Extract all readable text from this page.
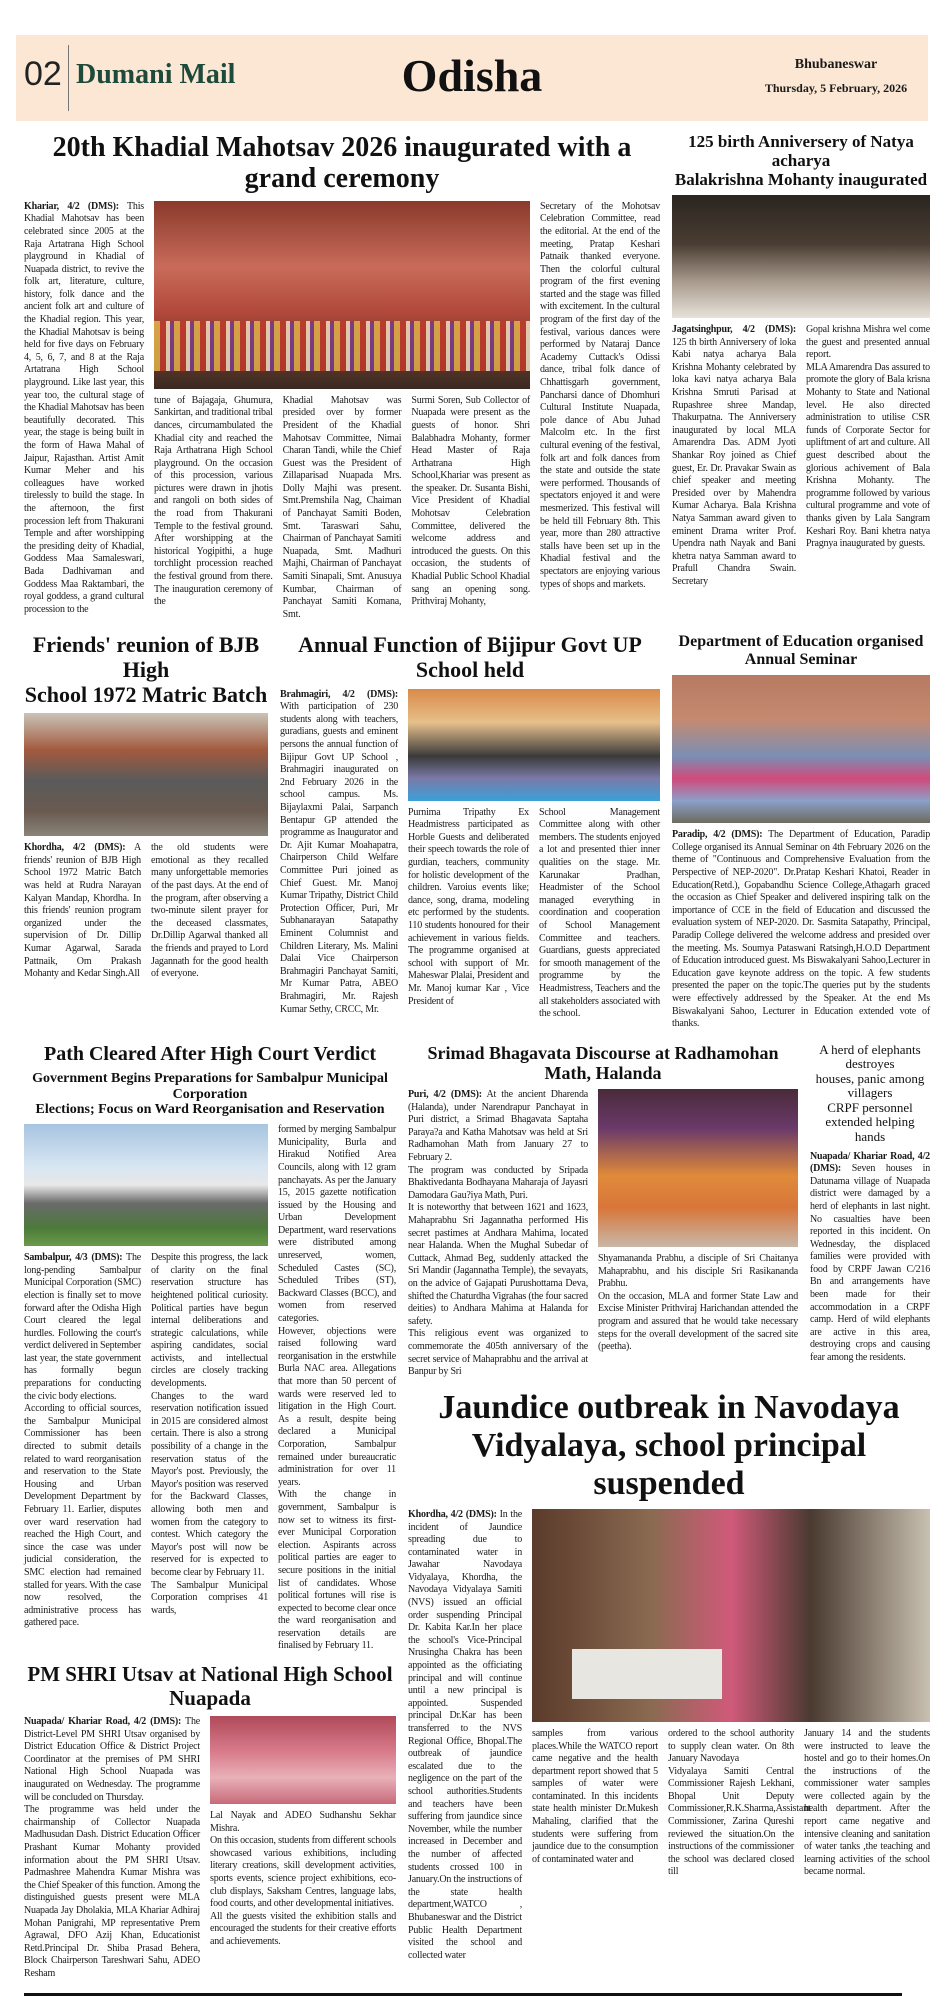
02 Dumani Mail	Odisha	Bhubaneswar
Thursday, 5 February, 2026
20th Khadial Mahotsav 2026 inaugurated with a grand ceremony
Khariar, 4/2 (DMS): This Khadial Mahotsav has been celebrated since 2005 at the Raja Artatrana High School playground in Khadial of Nuapada district, to revive the folk art, literature, culture, history, folk dance and the ancient folk art and culture of the Khadial region. This year, the Khadial Mahotsav is being held for five days on February 4, 5, 6, 7, and 8 at the Raja Artatrana High School playground. Like last year, this year too, the cultural stage of the Khadial Mahotsav has been beautifully decorated. This year, the stage is being built in the form of Hawa Mahal of Jaipur, Rajasthan. Artist Amit Kumar Meher and his colleagues have worked tirelessly to build the stage. In the afternoon, the first procession left from Thakurani Temple and after worshipping the presiding deity of Khadial, Goddess Maa Samaleswari, Bada Dadhivaman and Goddess Maa Raktambari, the royal goddess, a grand cultural procession to the
tune of Bajagaja, Ghumura, Sankirtan, and traditional tribal dances, circumambulated the Khadial city and reached the Raja Arthatrana High School playground. On the occasion of this procession, various pictures were drawn in jhotis and rangoli on both sides of the road from Thakurani Temple to the festival ground. After worshipping at the historical Yogipithi, a huge torchlight procession reached the festival ground from there. The inauguration ceremony of the
Khadial Mahotsav was presided over by former President of the Khadial Mahotsav Committee, Nimai Charan Tandi, while the Chief Guest was the President of Zillaparisad Nuapada Mrs. Dolly Majhi was present. Smt.Premshila Nag, Chaiman of Panchayat Samiti Boden, Smt. Taraswari Sahu, Chairman of Panchayat Samiti Nuapada, Smt. Madhuri Majhi, Chairman of Panchayat Samiti Sinapali, Smt. Anusuya Kumbar, Chairman of Panchayat Samiti Komana, Smt.
Surmi Soren, Sub Collector of Nuapada were present as the guests of honor. Shri Balabhadra Mohanty, former Head Master of Raja Arthatrana High School,Khariar was present as the speaker. Dr. Susanta Bishi, Vice President of Khadial Mohotsav Celebration Committee, delivered the welcome address and introduced the guests. On this occasion, the students of Khadial Public School Khadial sang an opening song. Prithviraj Mohanty,
Secretary of the Mohotsav Celebration Committee, read the editorial. At the end of the meeting, Pratap Keshari Patnaik thanked everyone. Then the colorful cultural program of the first evening started and the stage was filled with excitement. In the cultural program of the first day of the festival, various dances were performed by Nataraj Dance Academy Cuttack's Odissi dance, tribal folk dance of Chhattisgarh government, Pancharsi dance of Dhomhuri Cultural Institute Nuapada, pole dance of Abu Juhad Malcolm etc. In the first cultural evening of the festival, folk art and folk dances from the state and outside the state were performed. Thousands of spectators enjoyed it and were mesmerized. This festival will be held till February 8th. This year, more than 280 attractive stalls have been set up in the Khadial festival and the spectators are enjoying various types of shops and markets.
125 birth Anniversery of Natya acharya
Balakrishna Mohanty inaugurated
Jagatsinghpur, 4/2 (DMS): 125 th birth Anniversery of loka Kabi natya acharya Bala Krishna Mohanty celebrated by loka kavi natya acharya Bala Krishna Smruti Parisad at Rupashree shree Mandap, Thakurpatna. The Anniversery inaugurated by local MLA Amarendra Das. ADM Jyoti Shankar Roy joined as Chief guest, Er. Dr. Pravakar Swain as chief speaker and meeting Presided over by Mahendra Kumar Acharya. Bala Krishna Natya Samman award given to eminent Drama writer Prof. Upendra nath Nayak and Bani khetra natya Samman award to Prafull Chandra Swain. Secretary
Gopal krishna Mishra wel come the guest and presented annual report.
MLA Amarendra Das assured to promote the glory of Bala krisna Mohanty to State and National level. He also directed administration to utilise CSR funds of Corporate Sector for upliftment of art and culture. All guest described about the glorious achivement of Bala Krishna Mohanty. The programme followed by various cultural programme and vote of thanks given by Lala Sangram Keshari Roy. Bani khetra natya Pragnya inaugurated by guests.
Friends' reunion of BJB High
School 1972 Matric Batch
Khordha, 4/2 (DMS): A friends' reunion of BJB High School 1972 Matric Batch was held at Rudra Narayan Kalyan Mandap, Khordha. In this friends' reunion program organized under the supervision of Dr. Dillip Kumar Agarwal, Sarada Pattnaik, Om Prakash Mohanty and Kedar Singh.All
the old students were emotional as they recalled many unforgettable memories of the past days. At the end of the program, after observing a two-minute silent prayer for the deceased classmates, Dr.Dillip Agarwal thanked all the friends and prayed to Lord Jagannath for the good health of everyone.
Annual Function of Bijipur Govt UP School held
Brahmagiri, 4/2 (DMS): With participation of 230 students along with teachers, guradians, guests and eminent persons the annual function of Bijipur Govt UP School , Brahmagiri inaugurated on 2nd February 2026 in the school campus. Ms. Bijaylaxmi Palai, Sarpanch Bentapur GP attended the programme as Inaugurator and Dr. Ajit Kumar Moahapatra, Chairperson Child Welfare Committee Puri joined as Chief Guest. Mr. Manoj Kumar Tripathy, District Child Protection Officer, Puri, Mr Subhanarayan Satapathy Eminent Columnist and Children Literary, Ms. Malini Dalai Vice Chairperson Brahmagiri Panchayat Samiti, Mr Kumar Patra, ABEO Brahmagiri, Mr. Rajesh Kumar Sethy, CRCC, Mr.
Purnima Tripathy Ex Headmistress participated as Horble Guests and deliberated their speech towards the role of gurdian, teachers, community for holistic development of the children. Varoius events like; dance, song, drama, modeling etc performed by the students. 110 students honoured for their achievement in various fields. The programme organised at school with support of Mr. Maheswar Plalai, President and Mr. Manoj kumar Kar , Vice President of
School Management Committee along with other members. The students enjoyed a lot and presented thier inner qualities on the stage. Mr. Karunakar Pradhan, Headmister of the School managed everything in coordination and cooperation of School Management Committee and teachers. Guardians, guests appreciated for smooth management of the programme by the Headmistress, Teachers and the all stakeholders associated with the school.
Department of Education organised Annual Seminar
Paradip, 4/2 (DMS): The Department of Education, Paradip College organised its Annual Seminar on 4th February 2026 on the theme of "Continuous and Comprehensive Evaluation from the Perspective of NEP-2020". Dr.Pratap Keshari Khatoi, Reader in Education(Retd.), Gopabandhu Science College,Athagarh graced the occasion as Chief Speaker and delivered inspiring talk on the importance of CCE in the field of Education and discussed the evaluation system of NEP-2020. Dr. Sasmita Satapathy, Principal, Paradip College delivered the welcome address and presided over the meeting. Ms. Soumya Pataswani Ratsingh,H.O.D Department of Education introduced guest. Ms Biswakalyani Sahoo,Lecturer in Education gave keynote address on the topic. A few students presented the paper on the topic.The queries put by the students were effectively addressed by the Speaker. At the end Ms Biswakalyani Sahoo, Lecturer in Education extended vote of thanks.
Path Cleared After High Court Verdict
Government Begins Preparations for Sambalpur Municipal Corporation
Elections; Focus on Ward Reorganisation and Reservation
Sambalpur, 4/3 (DMS): The long-pending Sambalpur Municipal Corporation (SMC) election is finally set to move forward after the Odisha High Court cleared the legal hurdles. Following the court's verdict delivered in September last year, the state government has formally begun preparations for conducting the civic body elections.
According to official sources, the Sambalpur Municipal Commissioner has been directed to submit details related to ward reorganisation and reservation to the State Housing and Urban Development Department by February 11. Earlier, disputes over ward reservation had reached the High Court, and since the case was under judicial consideration, the SMC election had remained stalled for years. With the case now resolved, the administrative process has gathered pace.
Despite this progress, the lack of clarity on the final reservation structure has heightened political curiosity. Political parties have begun internal deliberations and strategic calculations, while aspiring candidates, social activists, and intellectual circles are closely tracking developments.
Changes to the ward reservation notification issued in 2015 are considered almost certain. There is also a strong possibility of a change in the reservation status of the Mayor's post. Previously, the Mayor's position was reserved for the Backward Classes, allowing both men and women from the category to contest. Which category the Mayor's post will now be reserved for is expected to become clear by February 11.
The Sambalpur Municipal Corporation comprises 41 wards,
formed by merging Sambalpur Municipality, Burla and Hirakud Notified Area Councils, along with 12 gram panchayats. As per the January 15, 2015 gazette notification issued by the Housing and Urban Development Department, ward reservations were distributed among unreserved, women, Scheduled Castes (SC), Scheduled Tribes (ST), Backward Classes (BCC), and women from reserved categories.
However, objections were raised following ward reorganisation in the erstwhile Burla NAC area. Allegations that more than 50 percent of wards were reserved led to litigation in the High Court. As a result, despite being declared a Municipal Corporation, Sambalpur remained under bureaucratic administration for over 11 years.
With the change in government, Sambalpur is now set to witness its first-ever Municipal Corporation election. Aspirants across political parties are eager to secure positions in the initial list of candidates. Whose political fortunes will rise is expected to become clear once the ward reorganisation and reservation details are finalised by February 11.
PM SHRI Utsav at National High School Nuapada
Nuapada/ Khariar Road, 4/2 (DMS): The District-Level PM SHRI Utsav organised by District Education Office & District Project Coordinator at the premises of PM SHRI National High School Nuapada was inaugurated on Wednesday. The programme will be concluded on Thursday.
The programme was held under the chairmanship of Collector Nuapada Madhusudan Dash. District Education Officer Prashant Kumar Mohanty provided information about the PM SHRI Utsav. Padmashree Mahendra Kumar Mishra was the Chief Speaker of this function. Among the distinguished guests present were MLA Nuapada Jay Dholakia, MLA Khariar Adhiraj Mohan Panigrahi, MP representative Prem Agrawal, DFO Azij Khan, Educationist Retd.Principal Dr. Shiba Prasad Behera, Block Chairperson Tareshwari Sahu, ADEO Resham
Lal Nayak and ADEO Sudhanshu Sekhar Mishra.
On this occasion, students from different schools showcased various exhibitions, including literary creations, skill development activities, sports events, science project exhibitions, eco-club displays, Saksham Centres, language labs, food courts, and other developmental initiatives.
All the guests visited the exhibition stalls and encouraged the students for their creative efforts and achievements.
Srimad Bhagavata Discourse at Radhamohan Math, Halanda
Puri, 4/2 (DMS): At the ancient Dharenda (Halanda), under Narendrapur Panchayat in Puri district, a Srimad Bhagavata Saptaha Paraya?a and Katha Mahotsav was held at Sri Radhamohan Math from January 27 to February 2.
The program was conducted by Sripada Bhaktivedanta Bodhayana Maharaja of Jayasri Damodara Gau?iya Math, Puri.
It is noteworthy that between 1621 and 1623, Mahaprabhu Sri Jagannatha performed His secret pastimes at Andhara Mahima, located near Halanda. When the Mughal Subedar of Cuttack, Ahmad Beg, suddenly attacked the Sri Mandir (Jagannatha Temple), the sevayats, on the advice of Gajapati Purushottama Deva, shifted the Chaturdha Vigrahas (the four sacred deities) to Andhara Mahima at Halanda for safety.
This religious event was organized to commemorate the 405th anniversary of the secret service of Mahaprabhu and the arrival at Banpur by Sri
Shyamananda Prabhu, a disciple of Sri Chaitanya Mahaprabhu, and his disciple Sri Rasikananda Prabhu.
On the occasion, MLA and former State Law and Excise Minister Prithviraj Harichandan attended the program and assured that he would take necessary steps for the overall development of the sacred site (peetha).
A herd of elephants destroyes
houses, panic among villagers
CRPF personnel
extended helping hands
Nuapada/ Khariar Road, 4/2 (DMS): Seven houses in Datunama village of Nuapada district were damaged by a herd of elephants in last night. No casualties have been reported in this incident. On Wednesday, the displaced families were provided with food by CRPF Jawan C/216 Bn and arrangements have been made for their accommodation in a CRPF camp. Herd of wild elephants are active in this area, destroying crops and causing fear among the residents.
Jaundice outbreak in Navodaya
Vidyalaya, school principal suspended
Khordha, 4/2 (DMS): In the incident of Jaundice spreading due to contaminated water in Jawahar Navodaya Vidyalaya, Khordha, the Navodaya Vidyalaya Samiti (NVS) issued an official order suspending Principal Dr. Kabita Kar.In her place the school's Vice-Principal Nrusingha Chakra has been appointed as the officiating principal and will continue until a new principal is appointed. Suspended principal Dr.Kar has been transferred to the NVS Regional Office, Bhopal.The outbreak of jaundice escalated due to the negligence on the part of the school authorities.Students and teachers have been suffering from jaundice since November, while the number increased in December and the number of affected students crossed 100 in January.On the instructions of the state health department,WATCO , Bhubaneswar and the District Public Health Department visited the school and collected water
samples from various places.While the WATCO report came negative and the health department report showed that 5 samples of water were contaminated. In this incidents state health minister Dr.Mukesh Mahaling, clarified that the students were suffering from jaundice due to the consumption of contaminated water and
ordered to the school authority to supply clean water. On 8th January Navodaya
Vidyalaya Samiti Central Commissioner Rajesh Lekhani, Bhopal Unit Deputy Commissioner,R.K.Sharma,Assistant Commissioner, Zarina Qureshi reviewed the situation.On the instructions of the commissioner the school was declared closed till
January 14 and the students were instructed to leave the hostel and go to their homes.On the instructions of the commissioner water samples were collected again by the health department. After the report came negative and intensive cleaning and sanitation of water tanks ,the teaching and learning activities of the school became normal.
